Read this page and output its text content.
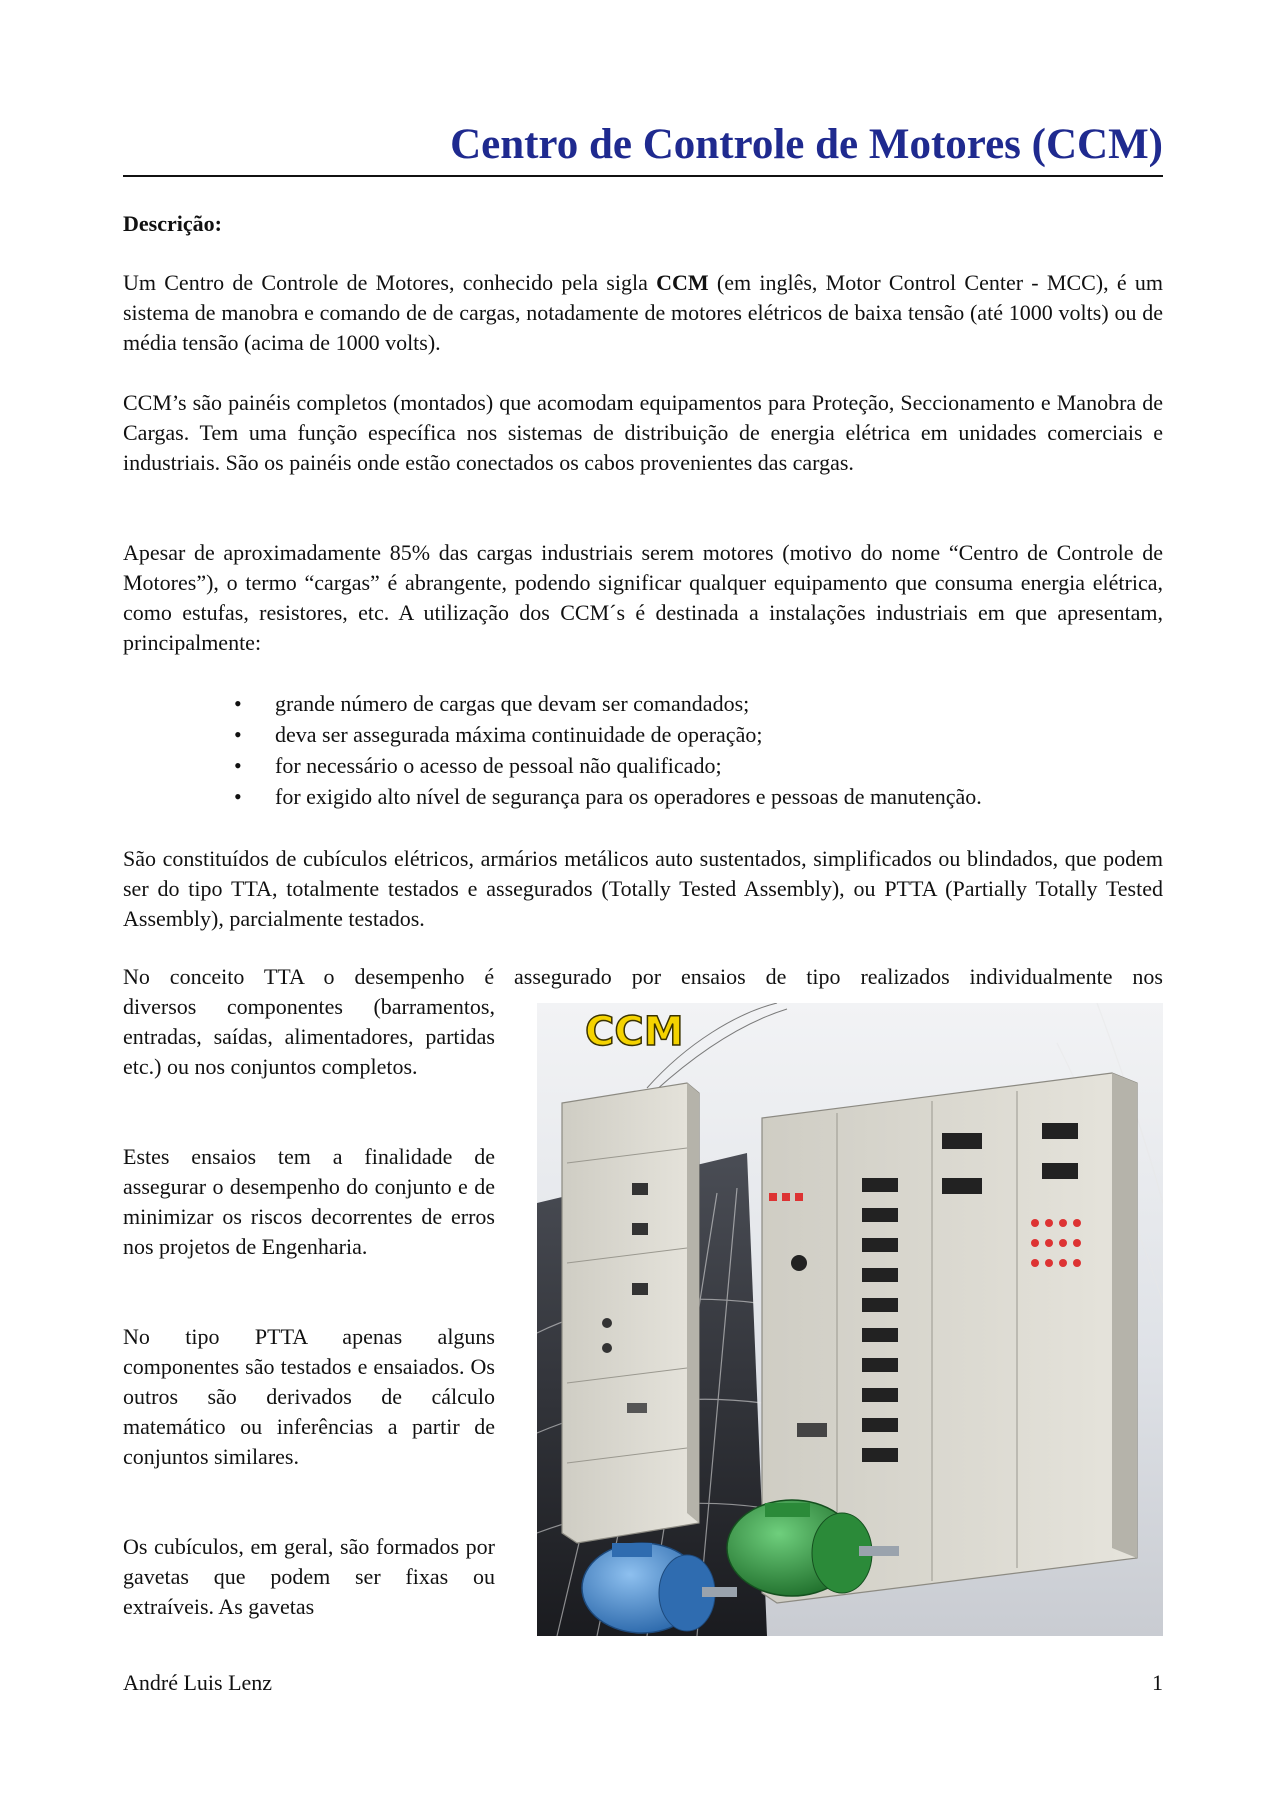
Centro de Controle de Motores (CCM)
Descrição:

Um Centro de Controle de Motores, conhecido pela sigla CCM (em inglês, Motor Control Center - MCC), é um sistema de manobra e comando de de cargas, notadamente de motores elétricos de baixa tensão (até 1000 volts) ou de média tensão (acima de 1000 volts).

CCM’s são painéis completos (montados) que acomodam equipamentos para Proteção, Seccionamento e Manobra de Cargas. Tem uma função específica nos sistemas de distribuição de energia elétrica em unidades comerciais e industriais. São os painéis onde estão conectados os cabos provenientes das cargas.

Apesar de aproximadamente 85% das cargas industriais serem motores (motivo do nome “Centro de Controle de Motores”), o termo “cargas” é abrangente, podendo significar qualquer equipamento que consuma energia elétrica, como estufas, resistores, etc. A utilização dos CCM´s é destinada a instalações industriais em que apresentam, principalmente:

• grande número de cargas que devam ser comandados;
• deva ser assegurada máxima continuidade de operação;
• for necessário o acesso de pessoal não qualificado;
• for exigido alto nível de segurança para os operadores e pessoas de manutenção.

São constituídos de cubículos elétricos, armários metálicos auto sustentados, simplificados ou blindados, que podem ser do tipo TTA, totalmente testados e assegurados (Totally Tested Assembly), ou PTTA (Partially Totally Tested Assembly), parcialmente testados.

No conceito TTA o desempenho é assegurado por ensaios de tipo realizados individualmente nos

diversos componentes (barramentos, entradas, saídas, alimentadores, partidas etc.) ou nos conjuntos completos.

Estes ensaios tem a finalidade de assegurar o desempenho do conjunto e de minimizar os riscos decorrentes de erros nos projetos de Engenharia.

No tipo PTTA apenas alguns componentes são testados e ensaiados. Os outros são derivados de cálculo matemático ou inferências a partir de conjuntos similares.

Os cubículos, em geral, são formados por gavetas que podem ser fixas ou extraíveis. As gavetas

CCM
André Luis Lenz	1
